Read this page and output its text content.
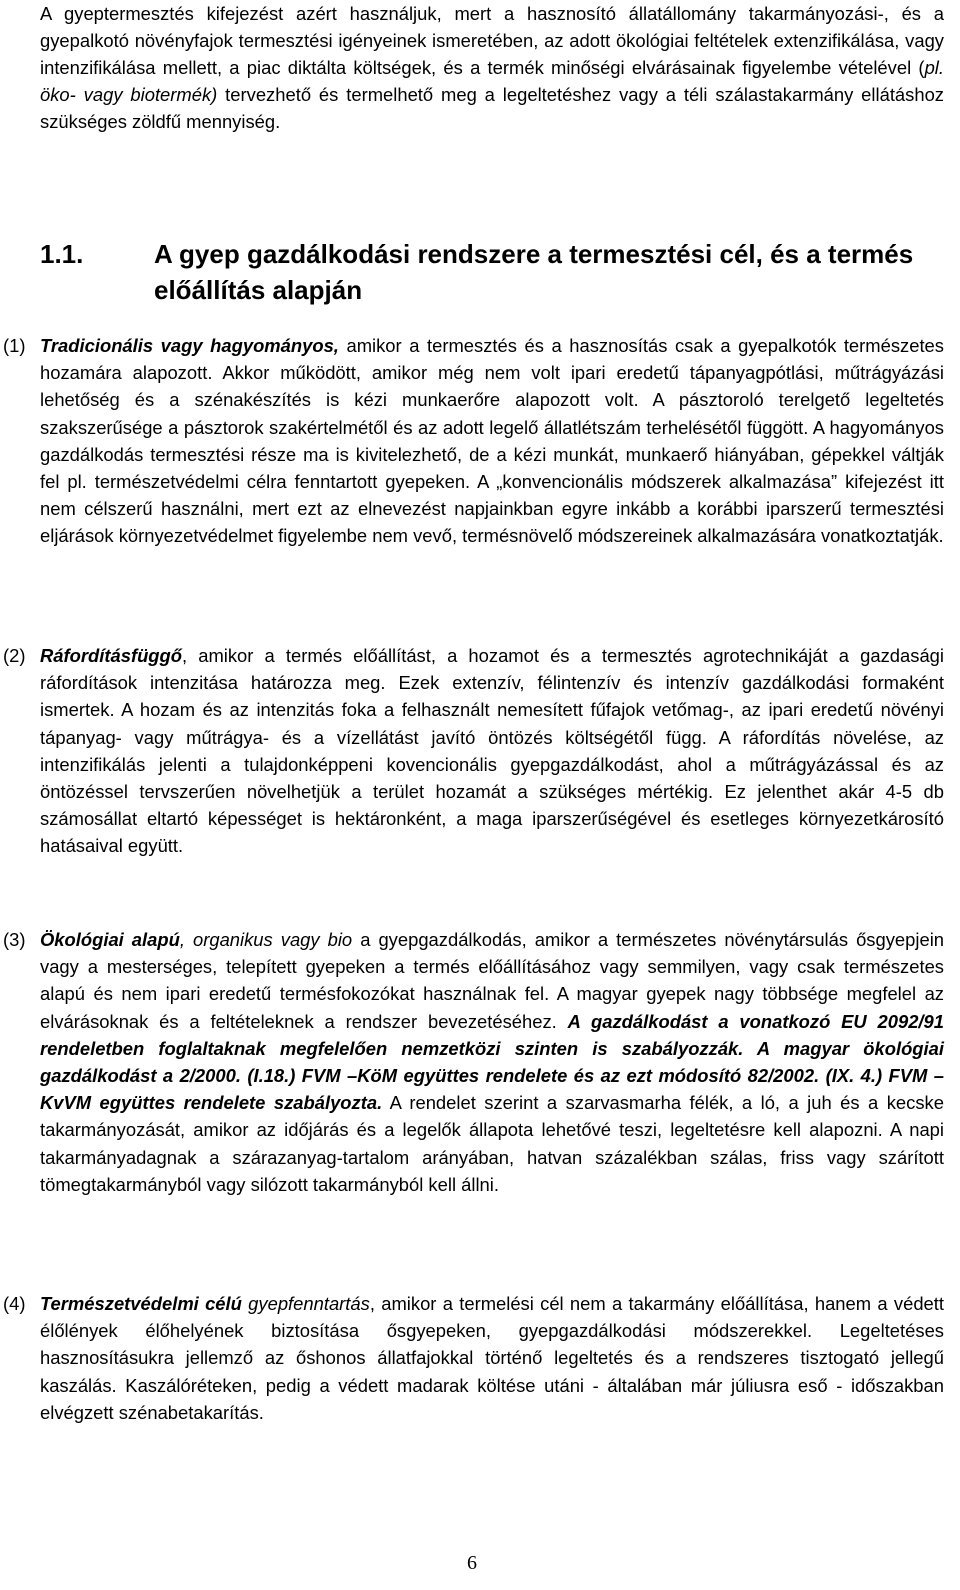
A gyeptermesztés kifejezést azért használjuk, mert a hasznosító állatállomány takarmányozási-, és a gyepalkotó növényfajok termesztési igényeinek ismeretében, az adott ökológiai feltételek extenzifikálása, vagy intenzifikálása mellett, a piac diktálta költségek, és a termék minőségi elvárásainak figyelembe vételével (pl. öko- vagy biotermék) tervezhető és termelhető meg a legeltetéshez vagy a téli szálastakarmány ellátáshoz szükséges zöldfű mennyiség.

1.1.	A gyep gazdálkodási rendszere a termesztési cél, és a termés előállítás alapján
(1) Tradicionális vagy hagyományos, amikor a termesztés és a hasznosítás csak a gyepalkotók természetes hozamára alapozott. Akkor működött, amikor még nem volt ipari eredetű tápanyagpótlási, műtrágyázási lehetőség és a szénakészítés is kézi munkaerőre alapozott volt. A pásztoroló terelgető legeltetés szakszerűsége a pásztorok szakértelmétől és az adott legelő állatlétszám terhelésétől függött. A hagyományos gazdálkodás termesztési része ma is kivitelezhető, de a kézi munkát, munkaerő hiányában, gépekkel váltják fel pl. természetvédelmi célra fenntartott gyepeken. A „konvencionális módszerek alkalmazása” kifejezést itt nem célszerű használni, mert ezt az elnevezést napjainkban egyre inkább a korábbi iparszerű termesztési eljárások környezetvédelmet figyelembe nem vevő, termésnövelő módszereinek alkalmazására vonatkoztatják.

(2) Ráfordításfüggő, amikor a termés előállítást, a hozamot és a termesztés agrotechnikáját a gazdasági ráfordítások intenzitása határozza meg. Ezek extenzív, félintenzív és intenzív gazdálkodási formaként ismertek. A hozam és az intenzitás foka a felhasznált nemesített fűfajok vetőmag-, az ipari eredetű növényi tápanyag- vagy műtrágya- és a vízellátást javító öntözés költségétől függ. A ráfordítás növelése, az intenzifikálás jelenti a tulajdonképpeni kovencionális gyepgazdálkodást, ahol a műtrágyázással és az öntözéssel tervszerűen növelhetjük a terület hozamát a szükséges mértékig. Ez jelenthet akár 4-5 db számosállat eltartó képességet is hektáronként, a maga iparszerűségével és esetleges környezetkárosító hatásaival együtt.

(3) Ökológiai alapú, organikus vagy bio a gyepgazdálkodás, amikor a természetes növénytársulás ősgyepjein vagy a mesterséges, telepített gyepeken a termés előállításához vagy semmilyen, vagy csak természetes alapú és nem ipari eredetű termésfokozókat használnak fel. A magyar gyepek nagy többsége megfelel az elvárásoknak és a feltételeknek a rendszer bevezetéséhez. A gazdálkodást a vonatkozó EU 2092/91 rendeletben foglaltaknak megfelelően nemzetközi szinten is szabályozzák. A magyar ökológiai gazdálkodást a 2/2000. (I.18.) FVM –KöM együttes rendelete és az ezt módosító 82/2002. (IX. 4.) FVM – KvVM együttes rendelete szabályozta. A rendelet szerint a szarvasmarha félék, a ló, a juh és a kecske takarmányozását, amikor az időjárás és a legelők állapota lehetővé teszi, legeltetésre kell alapozni. A napi takarmányadagnak a szárazanyag-tartalom arányában, hatvan százalékban szálas, friss vagy szárított tömegtakarmányból vagy silózott takarmányból kell állni.

(4) Természetvédelmi célú gyepfenntartás, amikor a termelési cél nem a takarmány előállítása, hanem a védett élőlények élőhelyének biztosítása ősgyepeken, gyepgazdálkodási módszerekkel. Legeltetéses hasznosításukra jellemző az őshonos állatfajokkal történő legeltetés és a rendszeres tisztogató jellegű kaszálás. Kaszálóréteken, pedig a védett madarak költése utáni - általában már júliusra eső - időszakban elvégzett szénabetakarítás.

6
